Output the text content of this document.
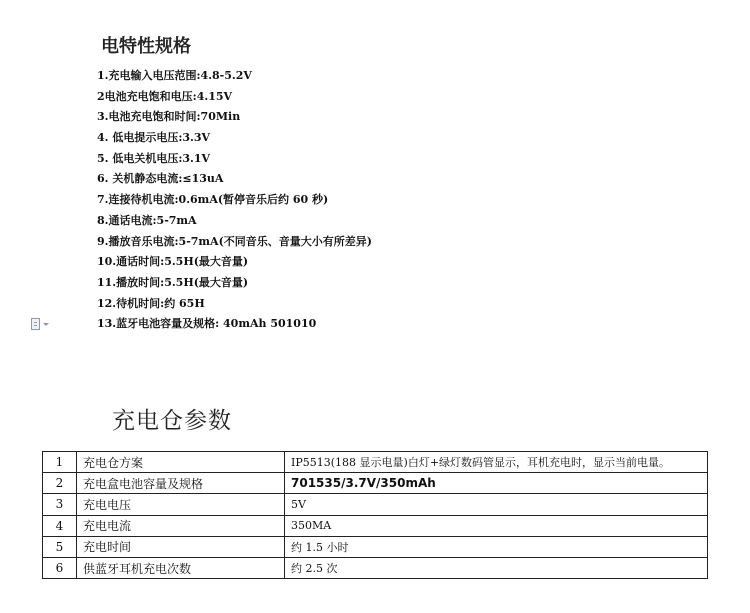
电特性规格
1.充电输入电压范围:4.8-5.2V
2电池充电饱和电压:4.15V
3.电池充电饱和时间:70Min
4. 低电提示电压:3.3V
5. 低电关机电压:3.1V
6. 关机静态电流:≤13uA
7.连接待机电流:0.6mA(暂停音乐后约 60 秒)
8.通话电流:5-7mA
9.播放音乐电流:5-7mA(不同音乐、音量大小有所差异)
10.通话时间:5.5H(最大音量)
11.播放时间:5.5H(最大音量)
12.待机时间:约 65H
13.蓝牙电池容量及规格: 40mAh 501010
充电仓参数
1	充电仓方案	IP5513(188 显示电量)白灯+绿灯数码管显示，耳机充电时，显示当前电量。
2	充电盒电池容量及规格	701535/3.7V/350mAh
3	充电电压	5V
4	充电电流	350MA
5	充电时间	约 1.5 小时
6	供蓝牙耳机充电次数	约 2.5 次
